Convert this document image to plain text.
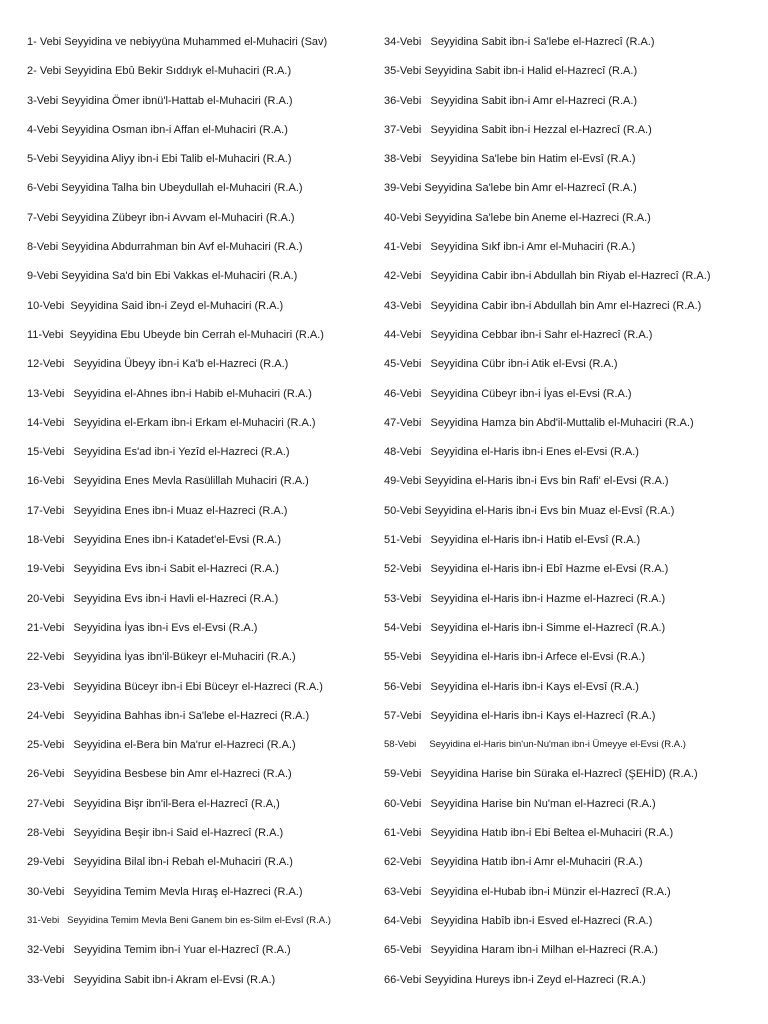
1- Vebi Seyyidina ve nebiyyüna Muhammed el-Muhaciri (Sav)
2- Vebi Seyyidina Ebû Bekir Sıddıyk el-Muhaciri (R.A.)
3-Vebi Seyyidina Ömer ibnü'l-Hattab el-Muhaciri (R.A.)
4-Vebi Seyyidina Osman ibn-i Affan el-Muhaciri (R.A.)
5-Vebi Seyyidina Aliyy ibn-i Ebi Talib el-Muhaciri (R.A.)
6-Vebi Seyyidina Talha bin Ubeydullah el-Muhaciri (R.A.)
7-Vebi Seyyidina Zübeyr ibn-i Avvam el-Muhaciri (R.A.)
8-Vebi Seyyidina Abdurrahman bin Avf el-Muhaciri (R.A.)
9-Vebi Seyyidina Sa'd bin Ebi Vakkas el-Muhaciri (R.A.)
10-Vebi  Seyyidina Said ibn-i Zeyd el-Muhaciri (R.A.)
11-Vebi  Seyyidina Ebu Ubeyde bin Cerrah el-Muhaciri (R.A.)
12-Vebi   Seyyidina Übeyy ibn-i Ka'b el-Hazreci (R.A.)
13-Vebi   Seyyidina el-Ahnes ibn-i Habib el-Muhaciri (R.A.)
14-Vebi   Seyyidina el-Erkam ibn-i Erkam el-Muhaciri (R.A.)
15-Vebi   Seyyidina Es'ad ibn-i Yezîd el-Hazreci (R.A.)
16-Vebi   Seyyidina Enes Mevla Rasülillah Muhaciri (R.A.)
17-Vebi   Seyyidina Enes ibn-i Muaz el-Hazreci (R.A.)
18-Vebi   Seyyidina Enes ibn-i Katadet'el-Evsi (R.A.)
19-Vebi   Seyyidina Evs ibn-i Sabit el-Hazreci (R.A.)
20-Vebi   Seyyidina Evs ibn-i Havli el-Hazreci (R.A.)
21-Vebi   Seyyidina İyas ibn-i Evs el-Evsi (R.A.)
22-Vebi   Seyyidina İyas ibn'il-Bükeyr el-Muhaciri (R.A.)
23-Vebi   Seyyidina Büceyr ibn-i Ebi Büceyr el-Hazreci (R.A.)
24-Vebi   Seyyidina Bahhas ibn-i Sa'lebe el-Hazreci (R.A.)
25-Vebi   Seyyidina el-Bera bin Ma'rur el-Hazreci (R.A.)
26-Vebi   Seyyidina Besbese bin Amr el-Hazreci (R.A.)
27-Vebi   Seyyidina Bişr ibn'il-Bera el-Hazrecî (R.A,)
28-Vebi   Seyyidina Beşir ibn-i Said el-Hazrecî (R.A.)
29-Vebi   Seyyidina Bilal ibn-i Rebah el-Muhaciri (R.A.)
30-Vebi   Seyyidina Temim Mevla Hıraş el-Hazreci (R.A.)
31-Vebi   Seyyidina Temim Mevla Beni Ganem bin es-Silm el-Evsî (R.A.)
32-Vebi   Seyyidina Temim ibn-i Yuar el-Hazrecî (R.A.)
33-Vebi   Seyyidina Sabit ibn-i Akram el-Evsi (R.A.)
34-Vebi   Seyyidina Sabit ibn-i Sa'lebe el-Hazrecî (R.A.)
35-Vebi Seyyidina Sabit ibn-i Halid el-Hazrecî (R.A.)
36-Vebi   Seyyidina Sabit ibn-i Amr el-Hazreci (R.A.)
37-Vebi   Seyyidina Sabit ibn-i Hezzal el-Hazrecî (R.A.)
38-Vebi   Seyyidina Sa'lebe bin Hatim el-Evsî (R.A.)
39-Vebi Seyyidina Sa'lebe bin Amr el-Hazrecî (R.A.)
40-Vebi Seyyidina Sa'lebe bin Aneme el-Hazreci (R.A.)
41-Vebi   Seyyidina Sıkf ibn-i Amr el-Muhaciri (R.A.)
42-Vebi   Seyyidina Cabir ibn-i Abdullah bin Riyab el-Hazrecî (R.A.)
43-Vebi   Seyyidina Cabir ibn-i Abdullah bin Amr el-Hazreci (R.A.)
44-Vebi   Seyyidina Cebbar ibn-i Sahr el-Hazrecî (R.A.)
45-Vebi   Seyyidina Cübr ibn-i Atik el-Evsi (R.A.)
46-Vebi   Seyyidina Cübeyr ibn-i İyas el-Evsi (R.A.)
47-Vebi   Seyyidina Hamza bin Abd'il-Muttalib el-Muhaciri (R.A.)
48-Vebi   Seyyidina el-Haris ibn-i Enes el-Evsi (R.A.)
49-Vebi Seyyidina el-Haris ibn-i Evs bin Rafi' el-Evsi (R.A.)
50-Vebi Seyyidina el-Haris ibn-i Evs bin Muaz el-Evsî (R.A.)
51-Vebi   Seyyidina el-Haris ibn-i Hatib el-Evsî (R.A.)
52-Vebi   Seyyidina el-Haris ibn-i Ebî Hazme el-Evsi (R.A.)
53-Vebi   Seyyidina el-Haris ibn-i Hazme el-Hazreci (R.A.)
54-Vebi   Seyyidina el-Haris ibn-i Simme el-Hazrecî (R.A.)
55-Vebi   Seyyidina el-Haris ibn-i Arfece el-Evsi (R.A.)
56-Vebi   Seyyidina el-Haris ibn-i Kays el-Evsî (R.A.)
57-Vebi   Seyyidina el-Haris ibn-i Kays el-Hazrecî (R.A.)
58-Vebi     Seyyidina el-Haris bin'un-Nu'man ibn-i Ümeyye el-Evsi (R.A.)
59-Vebi   Seyyidina Harise bin Süraka el-Hazrecî (ŞEHİD) (R.A.)
60-Vebi   Seyyidina Harise bin Nu'man el-Hazreci (R.A.)
61-Vebi   Seyyidina Hatıb ibn-i Ebi Beltea el-Muhaciri (R.A.)
62-Vebi   Seyyidina Hatıb ibn-i Amr el-Muhaciri (R.A.)
63-Vebi   Seyyidina el-Hubab ibn-i Münzir el-Hazrecî (R.A.)
64-Vebi   Seyyidina Habîb ibn-i Esved el-Hazreci (R.A.)
65-Vebi   Seyyidina Haram ibn-i Milhan el-Hazreci (R.A.)
66-Vebi Seyyidina Hureys ibn-i Zeyd el-Hazreci (R.A.)
